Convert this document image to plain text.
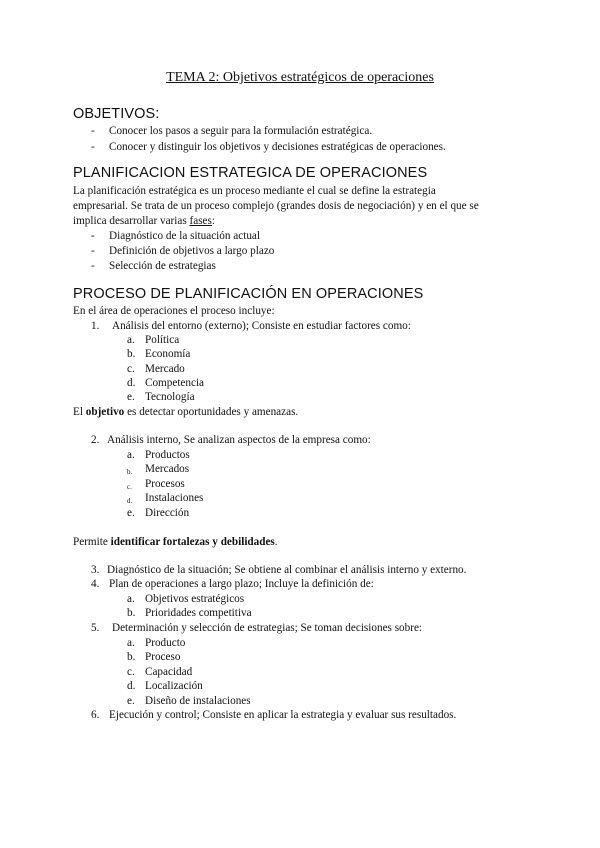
TEMA 2: Objetivos estratégicos de operaciones
OBJETIVOS:
- Conocer los pasos a seguir para la formulación estratégica.
- Conocer y distinguir los objetivos y decisiones estratégicas de operaciones.
PLANIFICACION ESTRATEGICA DE OPERACIONES
La planificación estratégica es un proceso mediante el cual se define la estrategia
empresarial. Se trata de un proceso complejo (grandes dosis de negociación) y en el que se
implica desarrollar varias fases:
- Diagnóstico de la situación actual
- Definición de objetivos a largo plazo
- Selección de estrategias
PROCESO DE PLANIFICACIÓN EN OPERACIONES
En el área de operaciones el proceso incluye:
1. Análisis del entorno (externo); Consiste en estudiar factores como:
a. Política
b. Economía
c. Mercado
d. Competencia
e. Tecnología
El objetivo es detectar oportunidades y amenazas.
2. Análisis interno, Se analizan aspectos de la empresa como:
a. Productos
b. Mercados
c. Procesos
d. Instalaciones
e. Dirección
Permite identificar fortalezas y debilidades.
3. Diagnóstico de la situación; Se obtiene al combinar el análisis interno y externo.
4. Plan de operaciones a largo plazo; Incluye la definición de:
a. Objetivos estratégicos
b. Prioridades competitiva
5. Determinación y selección de estrategias; Se toman decisiones sobre:
a. Producto
b. Proceso
c. Capacidad
d. Localización
e. Diseño de instalaciones
6. Ejecución y control; Consiste en aplicar la estrategia y evaluar sus resultados.
